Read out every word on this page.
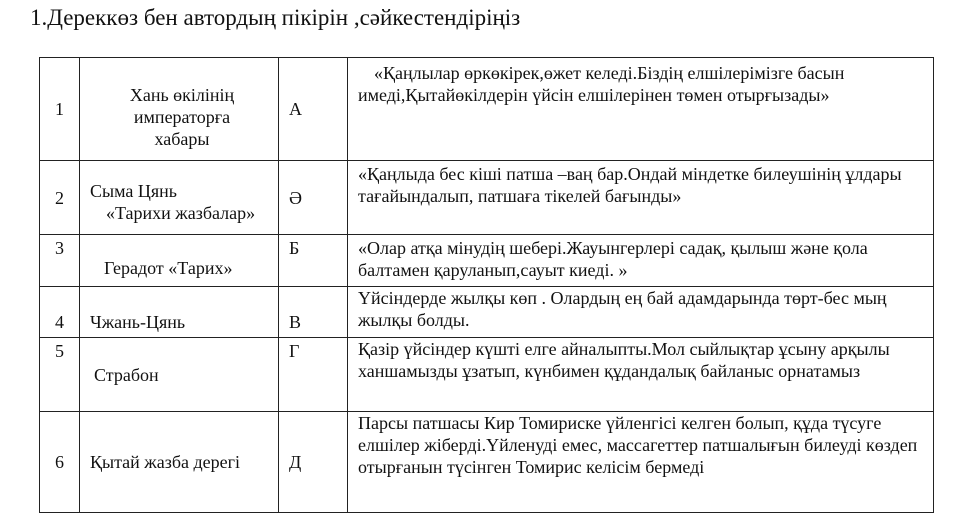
1.Дереккөз бен автордың пікірін ,сәйкестендіріңіз
1	Хань өкілінің
императорға
хабары	А	«Қаңлылар өркөкірек,өжет келеді.Біздің елшілерімізге басын имеді,Қытайөкілдерін үйсін елшілерінен төмен отырғызады»

2	Сыма Цянь
«Тарихи жазбалар»	Ә	«Қаңлыда бес кіші патша –ваң бар.Ондай міндетке билеушінің ұлдары тағайындалып, патшаға тікелей бағынды»

3	Герадот «Тарих»	Б	«Олар атқа мінудің шебері.Жауынгерлері садақ, қылыш және қола балтамен қаруланып,сауыт киеді. »

4	Чжань-Цянь	В	Үйсіндерде жылқы көп . Олардың ең бай адамдарында төрт-бес мың жылқы болды.

5	Страбон	Г	Қазір үйсіндер күшті елге айналыпты.Мол сыйлықтар ұсыну арқылы ханшамызды ұзатып, күнбимен құдандалық байланыс орнатамыз

6	Қытай жазба дерегі	Д	Парсы патшасы Кир Томириске үйленгісі келген болып, құда түсуге елшілер жіберді.Үйленуді емес, массагеттер патшалығын билеуді көздеп отырғанын түсінген Томирис келісім бермеді
